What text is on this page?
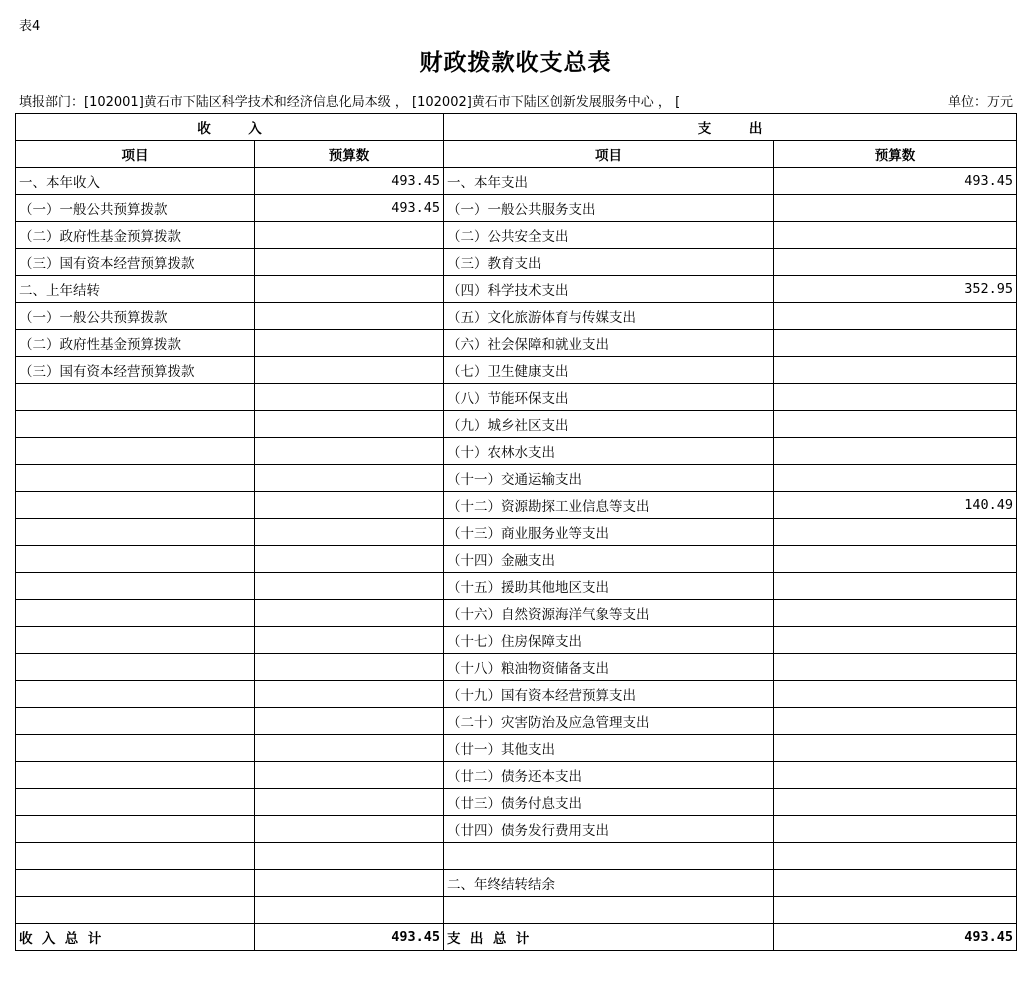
表4
财政拨款收支总表
填报部门：[102001]黄石市下陆区科学技术和经济信息化局本级 ， [102002]黄石市下陆区创新发展服务中心 ， [	单位：万元
收        入		支        出	
项目	预算数	项目	预算数
一、本年收入	493.45	一、本年支出	493.45
（一）一般公共预算拨款	493.45	（一）一般公共服务支出	
（二）政府性基金预算拨款		（二）公共安全支出	
（三）国有资本经营预算拨款		（三）教育支出	
二、上年结转		（四）科学技术支出	352.95
（一）一般公共预算拨款		（五）文化旅游体育与传媒支出	
（二）政府性基金预算拨款		（六）社会保障和就业支出	
（三）国有资本经营预算拨款		（七）卫生健康支出	
		（八）节能环保支出	
		（九）城乡社区支出	
		（十）农林水支出	
		（十一）交通运输支出	
		（十二）资源勘探工业信息等支出	140.49
		（十三）商业服务业等支出	
		（十四）金融支出	
		（十五）援助其他地区支出	
		（十六）自然资源海洋气象等支出	
		（十七）住房保障支出	
		（十八）粮油物资储备支出	
		（十九）国有资本经营预算支出	
		（二十）灾害防治及应急管理支出	
		（廿一）其他支出	
		（廿二）债务还本支出	
		（廿三）债务付息支出	
		（廿四）债务发行费用支出	

		二、年终结转结余	

收  入  总  计	493.45	支  出  总  计	493.45
